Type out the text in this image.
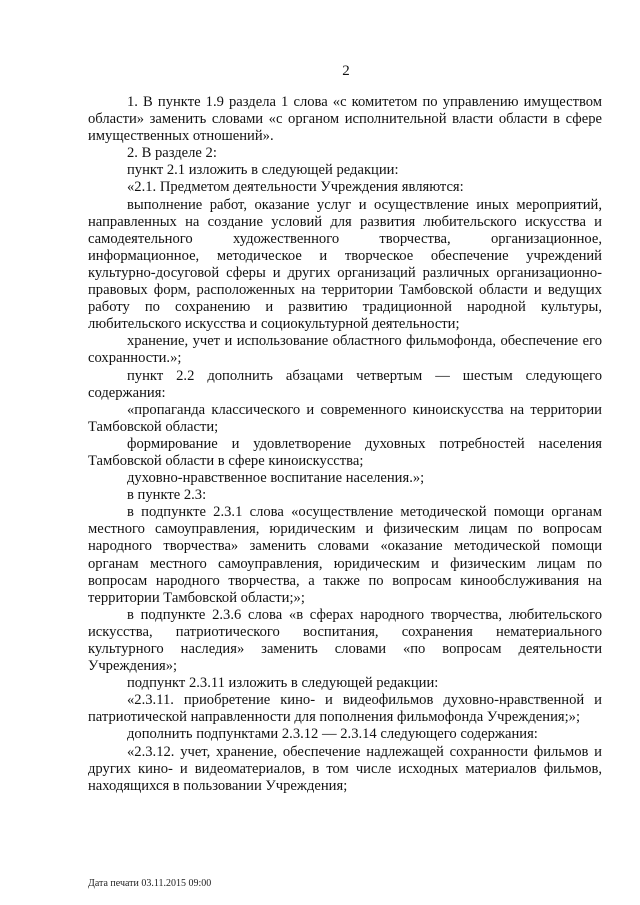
2

1. В пункте 1.9 раздела 1 слова «с комитетом по управлению имуществом области» заменить словами «с органом исполнительной власти области в сфере имущественных отношений».

2. В разделе 2:

пункт 2.1 изложить в следующей редакции:

«2.1. Предметом деятельности Учреждения являются:

выполнение работ, оказание услуг и осуществление иных мероприятий, направленных на создание условий для развития любительского искусства и самодеятельного художественного творчества, организационное, информационное, методическое и творческое обеспечение учреждений культурно-досуговой сферы и других организаций различных организационно-правовых форм, расположенных на территории Тамбовской области и ведущих работу по сохранению и развитию традиционной народной культуры, любительского искусства и социокультурной деятельности;

хранение, учет и использование областного фильмофонда, обеспечение его сохранности.»;

пункт 2.2 дополнить абзацами четвертым — шестым следующего содержания:

«пропаганда классического и современного киноискусства на территории Тамбовской области;

формирование и удовлетворение духовных потребностей населения Тамбовской области в сфере киноискусства;

духовно-нравственное воспитание населения.»;

в пункте 2.3:

в подпункте 2.3.1 слова «осуществление методической помощи органам местного самоуправления, юридическим и физическим лицам по вопросам народного творчества» заменить словами «оказание методической помощи органам местного самоуправления, юридическим и физическим лицам по вопросам народного творчества, а также по вопросам кинообслуживания на территории Тамбовской области;»;

в подпункте 2.3.6 слова «в сферах народного творчества, любительского искусства, патриотического воспитания, сохранения нематериального культурного наследия» заменить словами «по вопросам деятельности Учреждения»;

подпункт 2.3.11 изложить в следующей редакции:

«2.3.11. приобретение кино- и видеофильмов духовно-нравственной и патриотической направленности для пополнения фильмофонда Учреждения;»;

дополнить подпунктами 2.3.12 — 2.3.14 следующего содержания:

«2.3.12. учет, хранение, обеспечение надлежащей сохранности фильмов и других кино- и видеоматериалов, в том числе исходных материалов фильмов, находящихся в пользовании Учреждения;

Дата печати 03.11.2015 09:00
